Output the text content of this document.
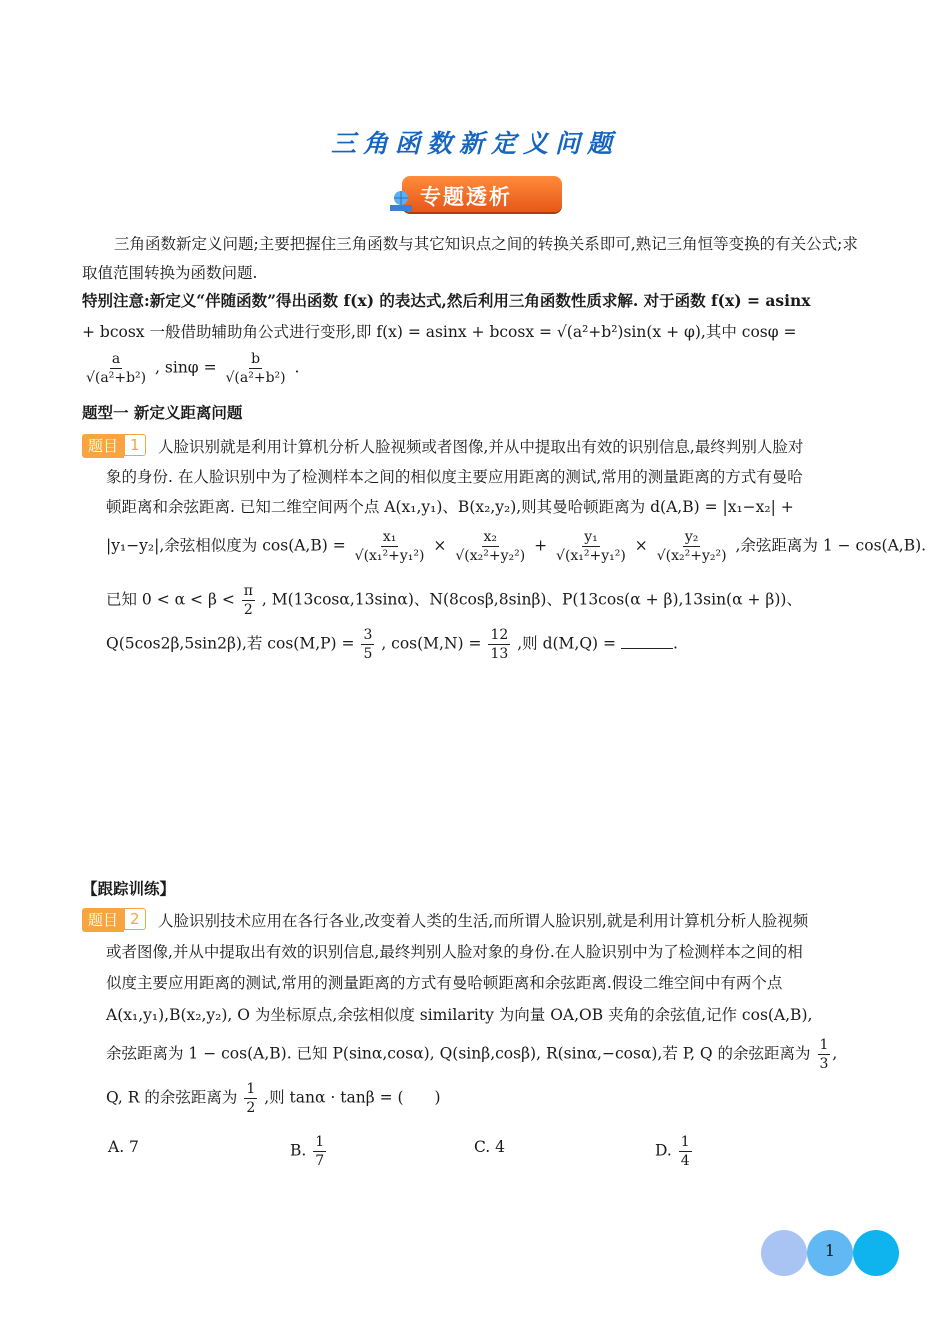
三角函数新定义问题
专题透析
三角函数新定义问题;主要把握住三角函数与其它知识点之间的转换关系即可,熟记三角恒等变换的有关公式;求取值范围转换为函数问题.
特别注意:新定义“伴随函数”得出函数 f(x) 的表达式,然后利用三角函数性质求解. 对于函数 f(x) = asinx
+ bcosx 一般借助辅助角公式进行变形,即 f(x) = asinx + bcosx = √(a²+b²)sin(x + φ),其中 cosφ =
$\frac{a}{\text{√(a²+b²)}}$ , $\sin\varphi = \frac{b}{\text{√(a²+b²)}}$ .
题型一 新定义距离问题
题目 1	人脸识别就是利用计算机分析人脸视频或者图像,并从中提取出有效的识别信息,最终判别人脸对
象的身份. 在人脸识别中为了检测样本之间的相似度主要应用距离的测试,常用的测量距离的方式有曼哈
顿距离和余弦距离. 已知二维空间两个点 A(x₁,y₁)、B(x₂,y₂),则其曼哈顿距离为 d(A,B) = |x₁−x₂| +
|y₁−y₂|,余弦相似度为 $\cos(A,B) = \frac{\text{x₁}}{\text{√(x₁²+y₁²)}} \times \frac{\text{x₂}}{\text{√(x₂²+y₂²)}} + \frac{\text{y₁}}{\text{√(x₁²+y₁²)}} \times \frac{\text{y₂}}{\text{√(x₂²+y₂²)}}$ ,余弦距离为 1 − cos(A,B).
已知 $0 < \alpha < \beta < \frac{\pi}{2}$ , M(13cosα,13sinα)、N(8cosβ,8sinβ)、P(13cos(α + β),13sin(α + β))、
Q(5cos2β,5sin2β),若 $\cos(M,P) = \frac{3}{5}$ , $\cos(M,N) = \frac{12}{13}$ ,则 d(M,Q) =	.
【跟踪训练】
题目 2	人脸识别技术应用在各行各业,改变着人类的生活,而所谓人脸识别,就是利用计算机分析人脸视频
或者图像,并从中提取出有效的识别信息,最终判别人脸对象的身份.在人脸识别中为了检测样本之间的相
似度主要应用距离的测试,常用的测量距离的方式有曼哈顿距离和余弦距离.假设二维空间中有两个点
A(x₁,y₁),B(x₂,y₂), O 为坐标原点,余弦相似度 similarity 为向量 OA,OB 夹角的余弦值,记作 cos(A,B),
余弦距离为 1 − cos(A,B). 已知 P(sinα,cosα), Q(sinβ,cosβ), R(sinα,−cosα),若 P, Q 的余弦距离为 $\frac{1}{3}$ ,
Q, R 的余弦距离为 $\frac{1}{2}$ ,则 tanα · tanβ = (　　)
A. 7	B. $\frac{1}{7}$	C. 4	D. $\frac{1}{4}$
1
